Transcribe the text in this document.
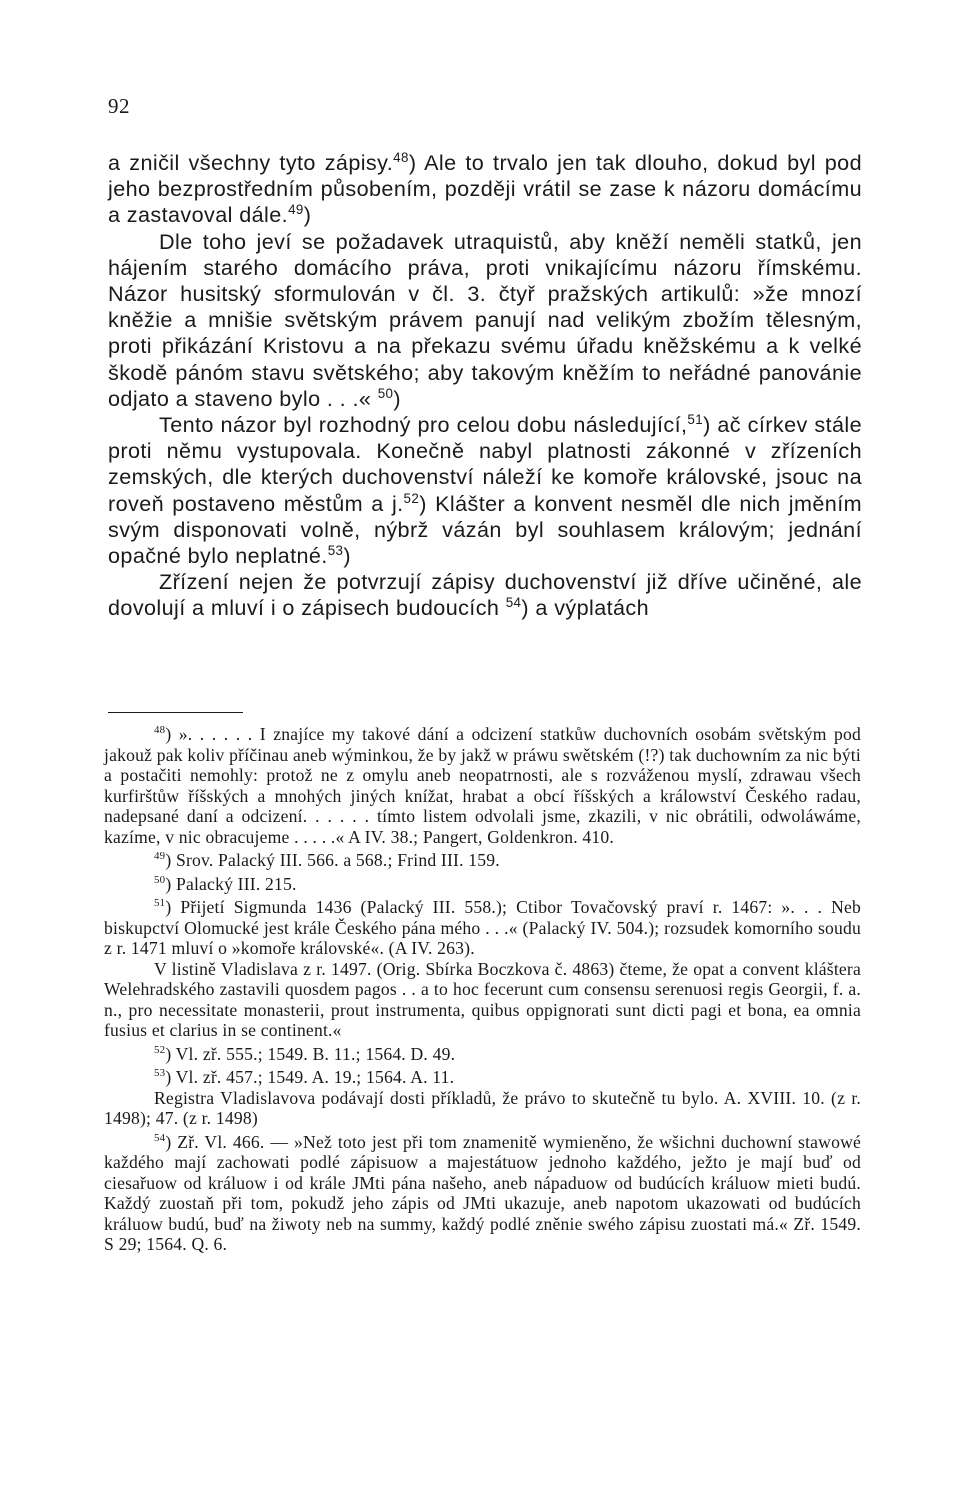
92

a zničil všechny tyto zápisy.$^{48}$) Ale to trvalo jen tak dlouho, dokud byl pod jeho bezprostředním působením, později vrátil se zase k názoru domácímu a zastavoval dále.$^{49}$)

Dle toho jeví se požadavek utraquistů, aby kněží neměli statků, jen hájením starého domácího práva, proti vnikajícímu názoru římskému. Názor husitský sformulován v čl. 3. čtyř pražských artikulů: »že mnozí kněžie a mnišie světským právem panují nad velikým zbožím tělesným, proti přikázání Kristovu a na překazu svému úřadu kněžskému a k velké škodě pánóm stavu světského; aby takovým kněžím to neřádné panovánie odjato a staveno bylo . . .« $^{50}$)

Tento názor byl rozhodný pro celou dobu následující,$^{51}$) ač církev stále proti němu vystupovala. Konečně nabyl platnosti zákonné v zřízeních zemských, dle kterých duchovenství náleží ke komoře královské, jsouc na roveň postaveno městům a j.$^{52}$) Klášter a konvent nesměl dle nich jměním svým disponovati volně, nýbrž vázán byl souhlasem královým; jednání opačné bylo neplatné.$^{53}$)

Zřízení nejen že potvrzují zápisy duchovenství již dříve učiněné, ale dovolují a mluví i o zápisech budoucích $^{54}$) a výplatách

$^{48}$) ». . . . . . I znajíce my takové dání a odcizení statkůw duchovních osobám světským pod jakouž pak koliv příčinau aneb wýminkou, že by jakž w práwu swětském (!?) tak duchowním za nic býti a postačiti nemohly: protož ne z omylu aneb neopatrnosti, ale s rozváženou myslí, zdrawau všech kurfirštůw říšských a mnohých jiných knížat, hrabat a obcí říšských a králowství Českého radau, nadepsané daní a odcizení. . . . . . tímto listem odvolali jsme, zkazili, v nic obrátili, odwoláwáme, kazíme, v nic obracujeme . . . . .« A IV. 38.; Pangert, Goldenkron. 410.

$^{49}$) Srov. Palacký III. 566. a 568.; Frind III. 159.

$^{50}$) Palacký III. 215.

$^{51}$) Přijetí Sigmunda 1436 (Palacký III. 558.); Ctibor Tovačovský praví r. 1467: ». . . Neb biskupctví Olomucké jest krále Českého pána mého . . .« (Palacký IV. 504.); rozsudek komorního soudu z r. 1471 mluví o »komoře královské«. (A IV. 263).

V listině Vladislava z r. 1497. (Orig. Sbírka Boczkova č. 4863) čteme, že opat a convent kláštera Welehradského zastavili quosdem pagos . . a to hoc fecerunt cum consensu serenuosi regis Georgii, f. a. n., pro necessitate monasterii, prout instrumenta, quibus oppignorati sunt dicti pagi et bona, ea omnia fusius et clarius in se continent.«

$^{52}$) Vl. zř. 555.; 1549. B. 11.; 1564. D. 49.

$^{53}$) Vl. zř. 457.; 1549. A. 19.; 1564. A. 11.

Registra Vladislavova podávají dosti příkladů, že právo to skutečně tu bylo. A. XVIII. 10. (z r. 1498); 47. (z r. 1498)

$^{54}$) Zř. Vl. 466. — »Než toto jest při tom znamenitě wymieněno, že wšichni duchowní stawowé každého mají zachowati podlé zápisuow a majestátuow jednoho každého, ježto je mají buď od ciesařuow od králuow i od krále JMti pána našeho, aneb nápaduow od budúcích králuow mieti budú. Každý zuostaň při tom, pokudž jeho zápis od JMti ukazuje, aneb napotom ukazowati od budúcích králuow budú, buď na žiwoty neb na summy, každý podlé zněnie swého zápisu zuostati má.« Zř. 1549. S 29; 1564. Q. 6.
